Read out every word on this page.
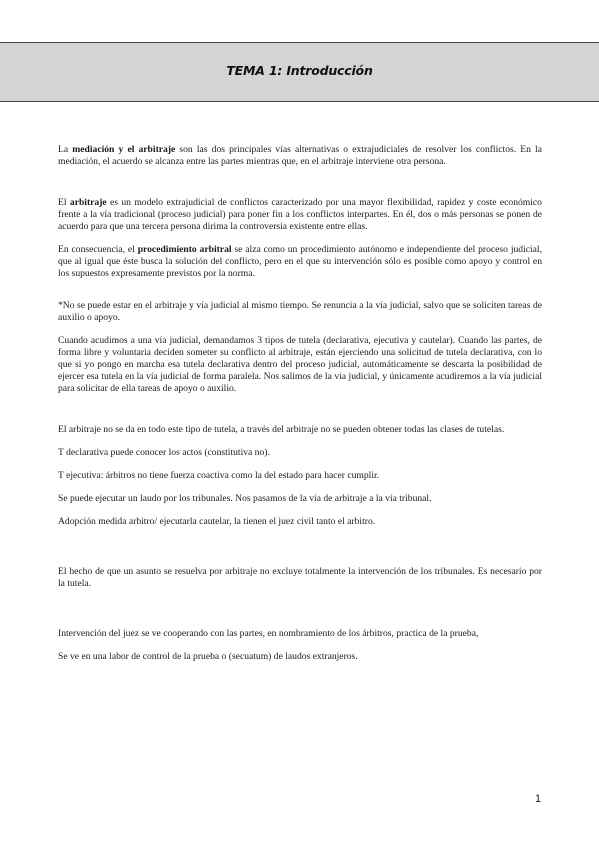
TEMA 1: Introducción

La mediación y el arbitraje son las dos principales vías alternativas o extrajudiciales de resolver los conflictos. En la mediación, el acuerdo se alcanza entre las partes mientras que, en el arbitraje interviene otra persona.

El arbitraje es un modelo extrajudicial de conflictos caracterizado por una mayor flexibilidad, rapidez y coste económico frente a la vía tradicional (proceso judicial) para poner fin a los conflictos interpartes. En él, dos o más personas se ponen de acuerdo para que una tercera persona dirima la controversia existente entre ellas.

En consecuencia, el procedimiento arbitral se alza como un procedimiento autónomo e independiente del proceso judicial, que al igual que éste busca la solución del conflicto, pero en el que su intervención sólo es posible como apoyo y control en los supuestos expresamente previstos por la norma.

*No se puede estar en el arbitraje y vía judicial al mismo tiempo. Se renuncia a la vía judicial, salvo que se soliciten tareas de auxilio o apoyo.

Cuando acudimos a una vía judicial, demandamos 3 tipos de tutela (declarativa, ejecutiva y cautelar). Cuando las partes, de forma libre y voluntaria deciden someter su conflicto al arbitraje, están ejerciendo una solicitud de tutela declarativa, con lo que si yo pongo en marcha esa tutela declarativa dentro del proceso judicial, automáticamente se descarta la posibilidad de ejercer esa tutela en la vía judicial de forma paralela. Nos salimos de la vía judicial, y únicamente acudiremos a la vía judicial para solicitar de ella tareas de apoyo o auxilio.

El arbitraje no se da en todo este tipo de tutela, a través del arbitraje no se pueden obtener todas las clases de tutelas.

T declarativa puede conocer los actos (constitutiva no).

T ejecutiva: árbitros no tiene fuerza coactiva como la del estado para hacer cumplir.

Se puede ejecutar un laudo por los tribunales. Nos pasamos de la vía de arbitraje a la vía tribunal.

Adopción medida arbitro/ ejecutarla cautelar, la tienen el juez civil tanto el arbitro.

El hecho de que un asunto se resuelva por arbitraje no excluye totalmente la intervención de los tribunales. Es necesario por la tutela.

Intervención del juez se ve cooperando con las partes, en nombramiento de los árbitros, practica de la prueba,

Se ve en una labor de control de la prueba o (secuatum) de laudos extranjeros.

1
